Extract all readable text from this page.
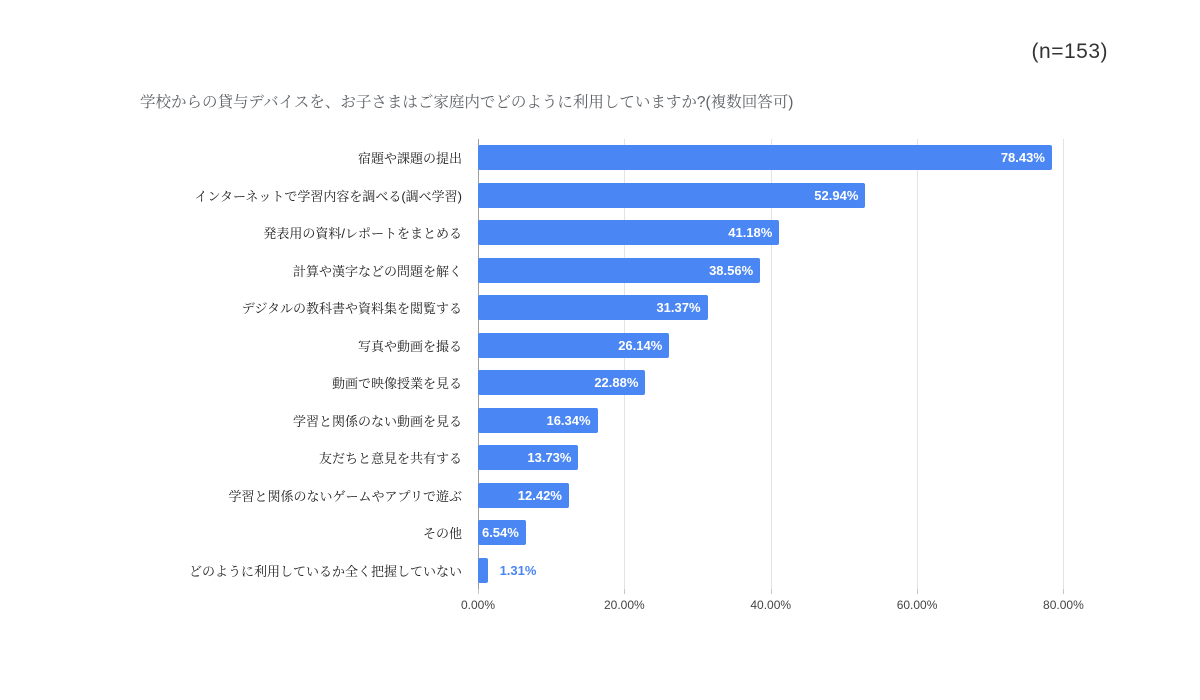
(n=153)
学校からの貸与デバイスを、お子さまはご家庭内でどのように利用していますか?(複数回答可)
宿題や課題の提出
インターネットで学習内容を調べる(調べ学習)
発表用の資料/レポートをまとめる
計算や漢字などの問題を解く
デジタルの教科書や資料集を閲覧する
写真や動画を撮る
動画で映像授業を見る
学習と関係のない動画を見る
友だちと意見を共有する
学習と関係のないゲームやアプリで遊ぶ
その他
どのように利用しているか全く把握していない
0.00%	20.00%	40.00%	60.00%	80.00%
78.43%
52.94%
41.18%
38.56%
31.37%
26.14%
22.88%
16.34%
13.73%
12.42%
6.54%
1.31%
